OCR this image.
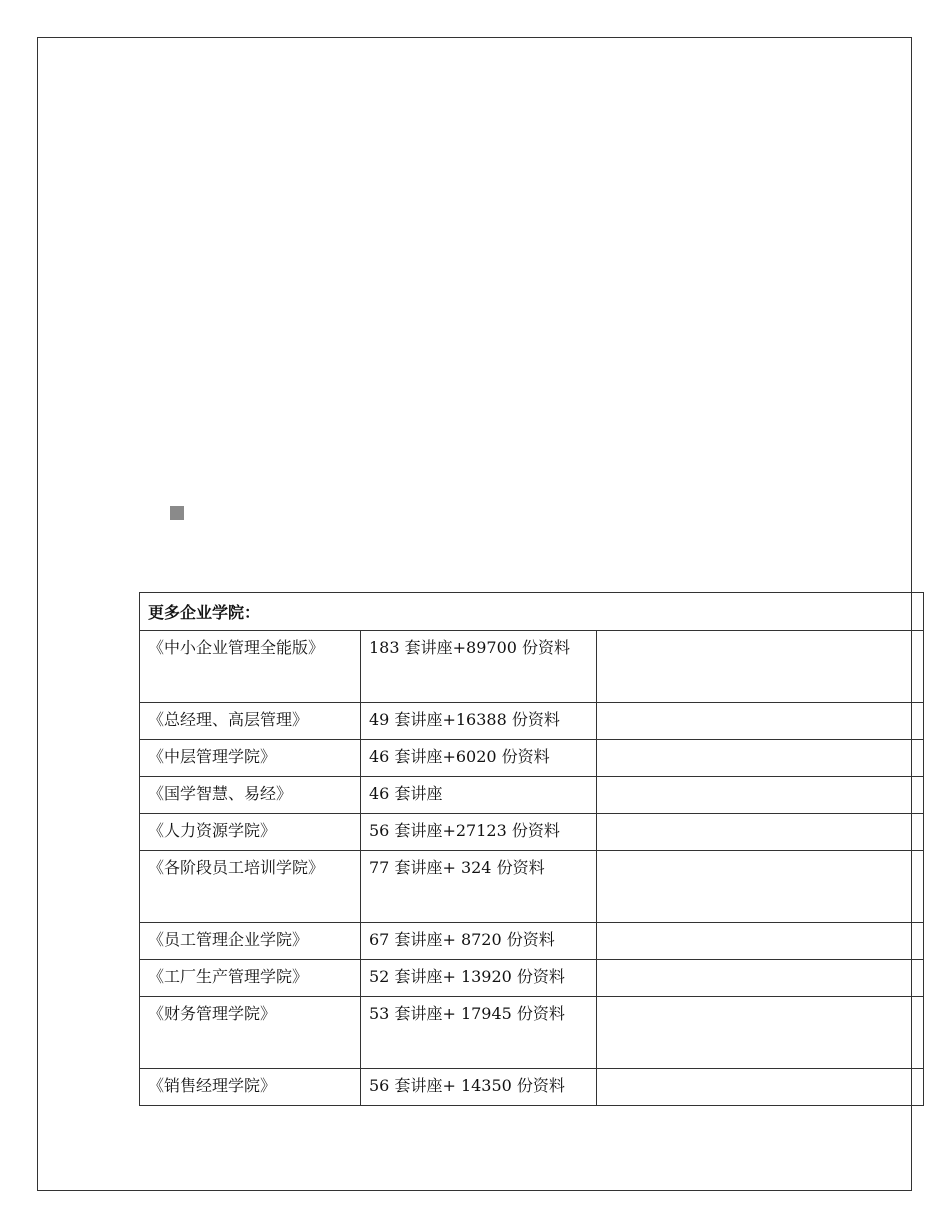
更多企业学院：			
《中小企业管理全能版》	183 套讲座+89700 份资料		
《总经理、高层管理》	49 套讲座+16388 份资料		
《中层管理学院》	46 套讲座+6020 份资料		
《国学智慧、易经》	46 套讲座		
《人力资源学院》	56 套讲座+27123 份资料		
《各阶段员工培训学院》	77 套讲座+ 324 份资料		
《员工管理企业学院》	67 套讲座+ 8720 份资料		
《工厂生产管理学院》	52 套讲座+ 13920 份资料		
《财务管理学院》	53 套讲座+ 17945 份资料		
《销售经理学院》	56 套讲座+ 14350 份资料		
